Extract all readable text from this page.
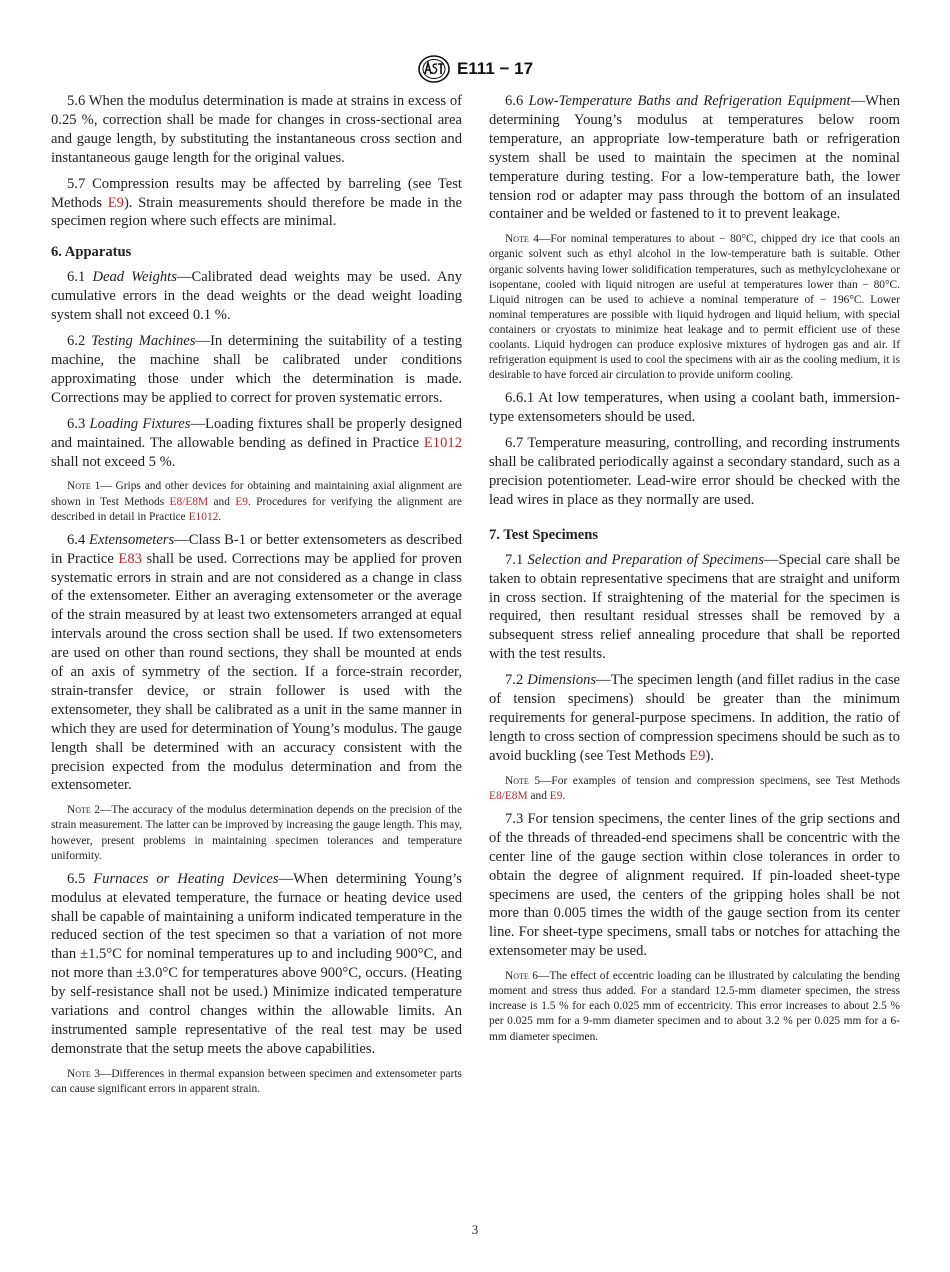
E111 − 17

5.6 When the modulus determination is made at strains in excess of 0.25 %, correction shall be made for changes in cross-sectional area and gauge length, by substituting the instantaneous cross section and instantaneous gauge length for the original values.

5.7 Compression results may be affected by barreling (see Test Methods E9). Strain measurements should therefore be made in the specimen region where such effects are minimal.

6. Apparatus

6.1 Dead Weights—Calibrated dead weights may be used. Any cumulative errors in the dead weights or the dead weight loading system shall not exceed 0.1 %.

6.2 Testing Machines—In determining the suitability of a testing machine, the machine shall be calibrated under conditions approximating those under which the determination is made. Corrections may be applied to correct for proven systematic errors.

6.3 Loading Fixtures—Loading fixtures shall be properly designed and maintained. The allowable bending as defined in Practice E1012 shall not exceed 5 %.

Note 1— Grips and other devices for obtaining and maintaining axial alignment are shown in Test Methods E8/E8M and E9. Procedures for verifying the alignment are described in detail in Practice E1012.

6.4 Extensometers—Class B-1 or better extensometers as described in Practice E83 shall be used. Corrections may be applied for proven systematic errors in strain and are not considered as a change in class of the extensometer. Either an averaging extensometer or the average of the strain measured by at least two extensometers arranged at equal intervals around the cross section shall be used. If two extensometers are used on other than round sections, they shall be mounted at ends of an axis of symmetry of the section. If a force-strain recorder, strain-transfer device, or strain follower is used with the extensometer, they shall be calibrated as a unit in the same manner in which they are used for determination of Young’s modulus. The gauge length shall be determined with an accuracy consistent with the precision expected from the modulus determination and from the extensometer.

Note 2—The accuracy of the modulus determination depends on the precision of the strain measurement. The latter can be improved by increasing the gauge length. This may, however, present problems in maintaining specimen tolerances and temperature uniformity.

6.5 Furnaces or Heating Devices—When determining Young’s modulus at elevated temperature, the furnace or heating device used shall be capable of maintaining a uniform indicated temperature in the reduced section of the test specimen so that a variation of not more than ±1.5°C for nominal temperatures up to and including 900°C, and not more than ±3.0°C for temperatures above 900°C, occurs. (Heating by self-resistance shall not be used.) Minimize indicated temperature variations and control changes within the allowable limits. An instrumented sample representative of the real test may be used demonstrate that the setup meets the above capabilities.

Note 3—Differences in thermal expansion between specimen and extensometer parts can cause significant errors in apparent strain.

6.6 Low-Temperature Baths and Refrigeration Equipment—When determining Young’s modulus at temperatures below room temperature, an appropriate low-temperature bath or refrigeration system shall be used to maintain the specimen at the nominal temperature during testing. For a low-temperature bath, the lower tension rod or adapter may pass through the bottom of an insulated container and be welded or fastened to it to prevent leakage.

Note 4—For nominal temperatures to about − 80°C, chipped dry ice that cools an organic solvent such as ethyl alcohol in the low-temperature bath is suitable. Other organic solvents having lower solidification temperatures, such as methylcyclohexane or isopentane, cooled with liquid nitrogen are useful at temperatures lower than − 80°C. Liquid nitrogen can be used to achieve a nominal temperature of − 196°C. Lower nominal temperatures are possible with liquid hydrogen and liquid helium, with special containers or cryostats to minimize heat leakage and to permit efficient use of these coolants. Liquid hydrogen can produce explosive mixtures of hydrogen gas and air. If refrigeration equipment is used to cool the specimens with air as the cooling medium, it is desirable to have forced air circulation to provide uniform cooling.

6.6.1 At low temperatures, when using a coolant bath, immersion-type extensometers should be used.

6.7 Temperature measuring, controlling, and recording instruments shall be calibrated periodically against a secondary standard, such as a precision potentiometer. Lead-wire error should be checked with the lead wires in place as they normally are used.

7. Test Specimens

7.1 Selection and Preparation of Specimens—Special care shall be taken to obtain representative specimens that are straight and uniform in cross section. If straightening of the material for the specimen is required, then resultant residual stresses shall be removed by a subsequent stress relief annealing procedure that shall be reported with the test results.

7.2 Dimensions—The specimen length (and fillet radius in the case of tension specimens) should be greater than the minimum requirements for general-purpose specimens. In addition, the ratio of length to cross section of compression specimens should be such as to avoid buckling (see Test Methods E9).

Note 5—For examples of tension and compression specimens, see Test Methods E8/E8M and E9.

7.3 For tension specimens, the center lines of the grip sections and of the threads of threaded-end specimens shall be concentric with the center line of the gauge section within close tolerances in order to obtain the degree of alignment required. If pin-loaded sheet-type specimens are used, the centers of the gripping holes shall be not more than 0.005 times the width of the gauge section from its center line. For sheet-type specimens, small tabs or notches for attaching the extensometer may be used.

Note 6—The effect of eccentric loading can be illustrated by calculating the bending moment and stress thus added. For a standard 12.5-mm diameter specimen, the stress increase is 1.5 % for each 0.025 mm of eccentricity. This error increases to about 2.5 % per 0.025 mm for a 9-mm diameter specimen and to about 3.2 % per 0.025 mm for a 6-mm diameter specimen.

3
